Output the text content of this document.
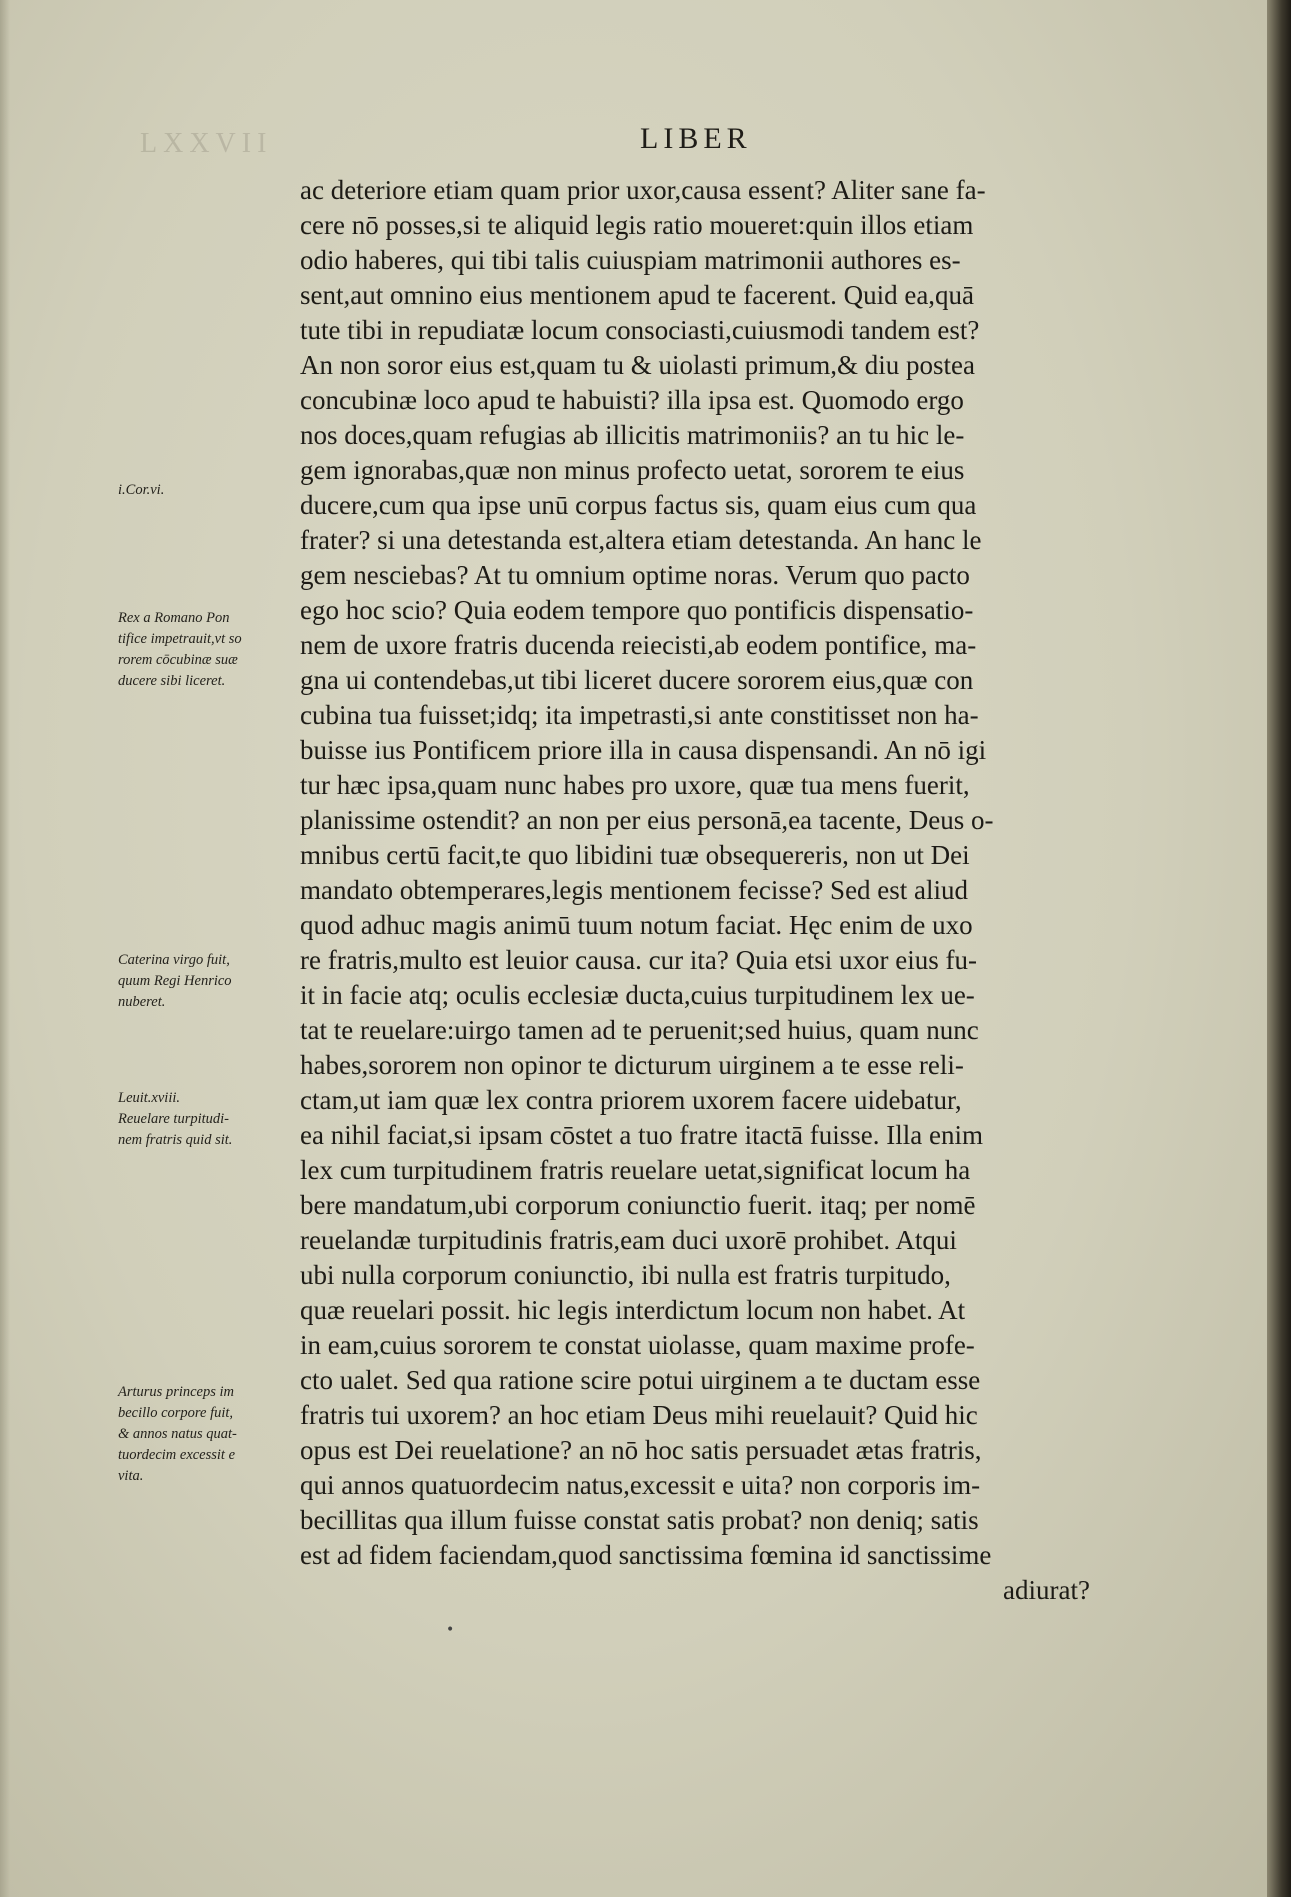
LXXVII	LIBER
i.Cor.vi.
Rex a Romano Pon
tifice impetrauit,vt so
rorem cōcubinæ suæ
ducere sibi liceret.
Caterina virgo fuit,
quum Regi Henrico
nuberet.
Leuit.xviii.
Reuelare turpitudi-
nem fratris quid sit.
Arturus princeps im
becillo corpore fuit,
& annos natus quat-
tuordecim excessit e
vita.
ac deteriore etiam quam prior uxor,causa essent? Aliter sane fa-
cere nō posses,si te aliquid legis ratio moueret:quin illos etiam
odio haberes, qui tibi talis cuiuspiam matrimonii authores es-
sent,aut omnino eius mentionem apud te facerent. Quid ea,quā
tute tibi in repudiatæ locum consociasti,cuiusmodi tandem est?
An non soror eius est,quam tu & uiolasti primum,& diu postea
concubinæ loco apud te habuisti? illa ipsa est. Quomodo ergo
nos doces,quam refugias ab illicitis matrimoniis? an tu hic le-
gem ignorabas,quæ non minus profecto uetat, sororem te eius
ducere,cum qua ipse unū corpus factus sis, quam eius cum qua
frater? si una detestanda est,altera etiam detestanda. An hanc le
gem nesciebas? At tu omnium optime noras. Verum quo pacto
ego hoc scio? Quia eodem tempore quo pontificis dispensatio-
nem de uxore fratris ducenda reiecisti,ab eodem pontifice, ma-
gna ui contendebas,ut tibi liceret ducere sororem eius,quæ con
cubina tua fuisset;idq; ita impetrasti,si ante constitisset non ha-
buisse ius Pontificem priore illa in causa dispensandi. An nō igi
tur hæc ipsa,quam nunc habes pro uxore, quæ tua mens fuerit,
planissime ostendit? an non per eius personā,ea tacente, Deus o-
mnibus certū facit,te quo libidini tuæ obsequereris, non ut Dei
mandato obtemperares,legis mentionem fecisse? Sed est aliud
quod adhuc magis animū tuum notum faciat. Hęc enim de uxo
re fratris,multo est leuior causa. cur ita? Quia etsi uxor eius fu-
it in facie atq; oculis ecclesiæ ducta,cuius turpitudinem lex ue-
tat te reuelare:uirgo tamen ad te peruenit;sed huius, quam nunc
habes,sororem non opinor te dicturum uirginem a te esse reli-
ctam,ut iam quæ lex contra priorem uxorem facere uidebatur,
ea nihil faciat,si ipsam cōstet a tuo fratre itactā fuisse. Illa enim
lex cum turpitudinem fratris reuelare uetat,significat locum ha
bere mandatum,ubi corporum coniunctio fuerit. itaq; per nomē
reuelandæ turpitudinis fratris,eam duci uxorē prohibet. Atqui
ubi nulla corporum coniunctio, ibi nulla est fratris turpitudo,
quæ reuelari possit. hic legis interdictum locum non habet. At
in eam,cuius sororem te constat uiolasse, quam maxime profe-
cto ualet. Sed qua ratione scire potui uirginem a te ductam esse
fratris tui uxorem? an hoc etiam Deus mihi reuelauit? Quid hic
opus est Dei reuelatione? an nō hoc satis persuadet ætas fratris,
qui annos quatuordecim natus,excessit e uita? non corporis im-
becillitas qua illum fuisse constat satis probat? non deniq; satis
est ad fidem faciendam,quod sanctissima fœmina id sanctissime
adiurat?
•
